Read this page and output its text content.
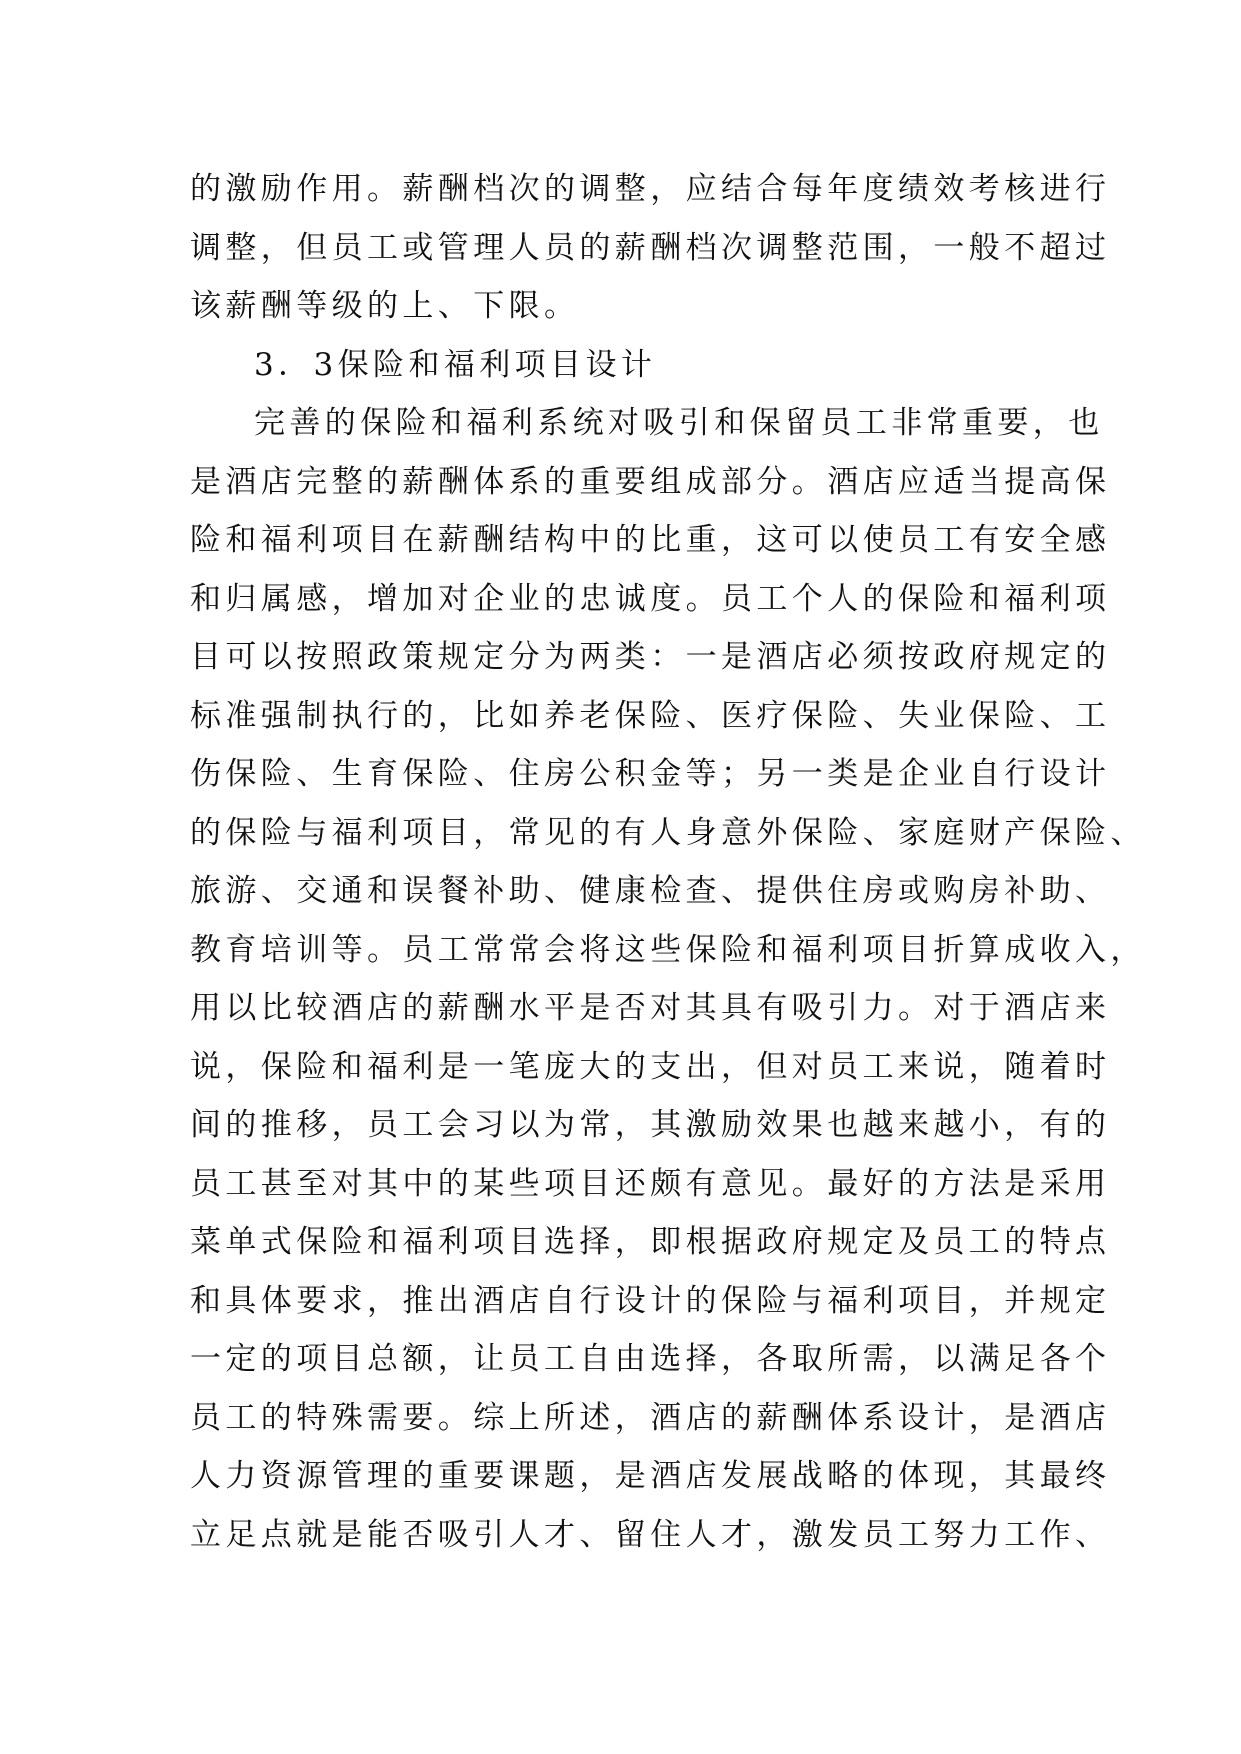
的激励作用。薪酬档次的调整，应结合每年度绩效考核进行
调整，但员工或管理人员的薪酬档次调整范围，一般不超过
该薪酬等级的上、下限。
3．3保险和福利项目设计
完善的保险和福利系统对吸引和保留员工非常重要，也
是酒店完整的薪酬体系的重要组成部分。酒店应适当提高保
险和福利项目在薪酬结构中的比重，这可以使员工有安全感
和归属感，增加对企业的忠诚度。员工个人的保险和福利项
目可以按照政策规定分为两类：一是酒店必须按政府规定的
标准强制执行的，比如养老保险、医疗保险、失业保险、工
伤保险、生育保险、住房公积金等；另一类是企业自行设计
的保险与福利项目，常见的有人身意外保险、家庭财产保险、
旅游、交通和误餐补助、健康检查、提供住房或购房补助、
教育培训等。员工常常会将这些保险和福利项目折算成收入，
用以比较酒店的薪酬水平是否对其具有吸引力。对于酒店来
说，保险和福利是一笔庞大的支出，但对员工来说，随着时
间的推移，员工会习以为常，其激励效果也越来越小，有的
员工甚至对其中的某些项目还颇有意见。最好的方法是采用
菜单式保险和福利项目选择，即根据政府规定及员工的特点
和具体要求，推出酒店自行设计的保险与福利项目，并规定
一定的项目总额，让员工自由选择，各取所需，以满足各个
员工的特殊需要。综上所述，酒店的薪酬体系设计，是酒店
人力资源管理的重要课题，是酒店发展战略的体现，其最终
立足点就是能否吸引人才、留住人才，激发员工努力工作、
